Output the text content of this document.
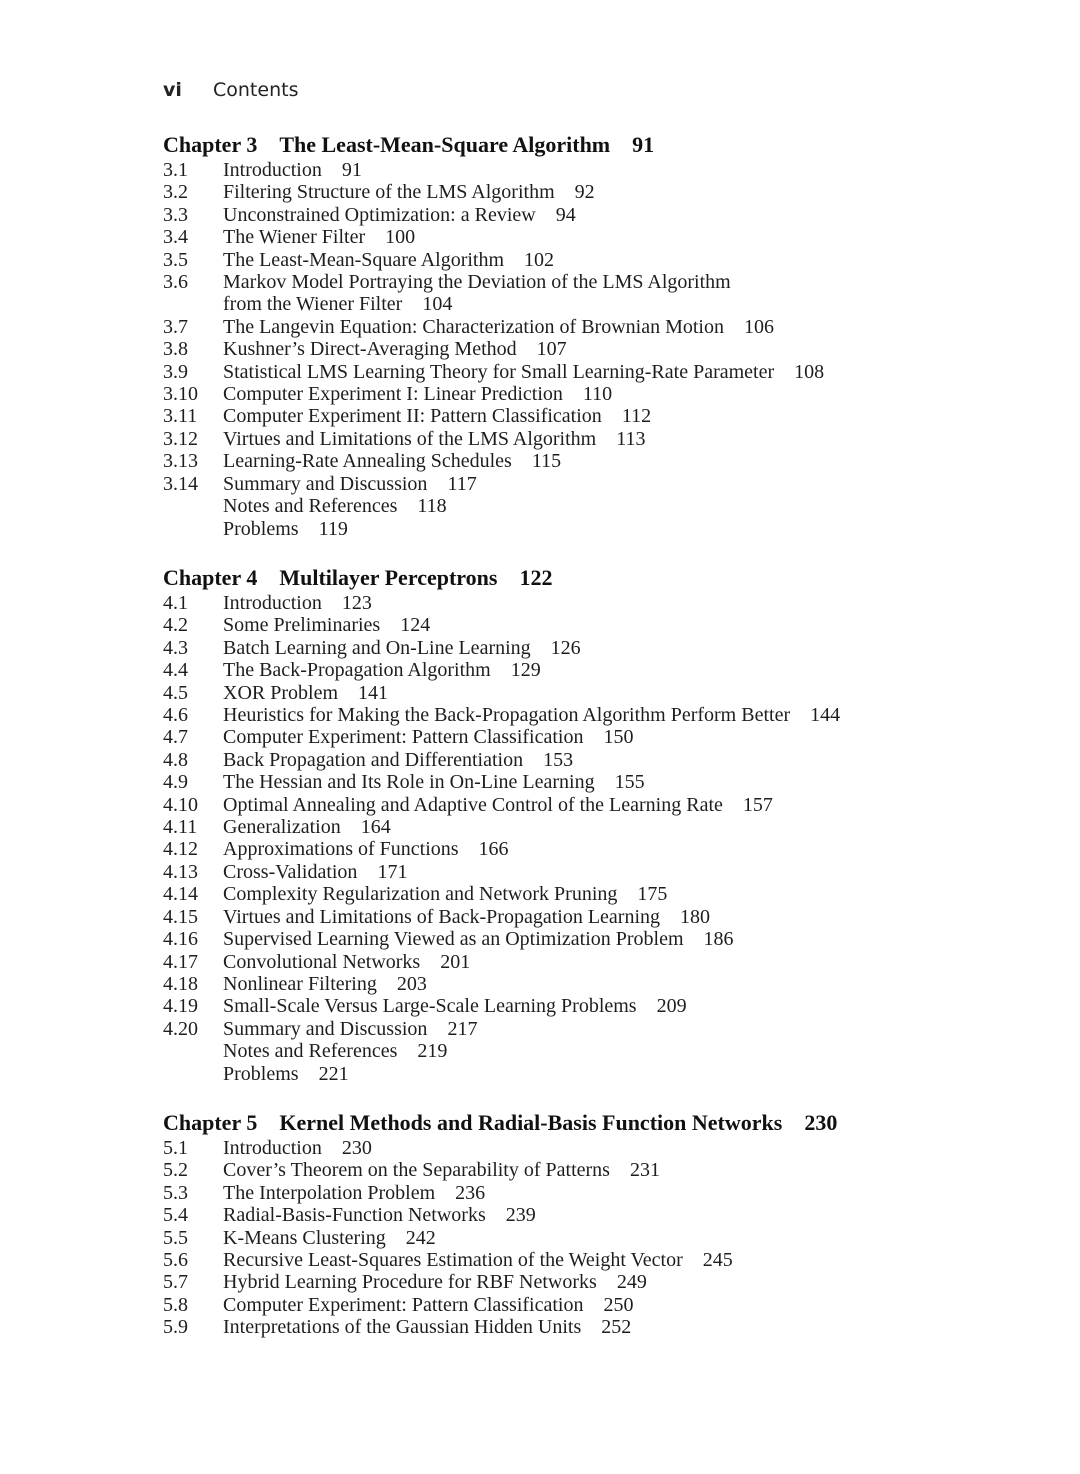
vi Contents
Chapter 3 The Least-Mean-Square Algorithm 91
3.1	Introduction 91
3.2	Filtering Structure of the LMS Algorithm 92
3.3	Unconstrained Optimization: a Review 94
3.4	The Wiener Filter 100
3.5	The Least-Mean-Square Algorithm 102
3.6	Markov Model Portraying the Deviation of the LMS Algorithm
from the Wiener Filter 104
3.7	The Langevin Equation: Characterization of Brownian Motion 106
3.8	Kushner’s Direct-Averaging Method 107
3.9	Statistical LMS Learning Theory for Small Learning-Rate Parameter 108
3.10	Computer Experiment I: Linear Prediction 110
3.11	Computer Experiment II: Pattern Classification 112
3.12	Virtues and Limitations of the LMS Algorithm 113
3.13	Learning-Rate Annealing Schedules 115
3.14	Summary and Discussion 117
Notes and References 118
Problems 119
Chapter 4 Multilayer Perceptrons 122
4.1	Introduction 123
4.2	Some Preliminaries 124
4.3	Batch Learning and On-Line Learning 126
4.4	The Back-Propagation Algorithm 129
4.5	XOR Problem 141
4.6	Heuristics for Making the Back-Propagation Algorithm Perform Better 144
4.7	Computer Experiment: Pattern Classification 150
4.8	Back Propagation and Differentiation 153
4.9	The Hessian and Its Role in On-Line Learning 155
4.10	Optimal Annealing and Adaptive Control of the Learning Rate 157
4.11	Generalization 164
4.12	Approximations of Functions 166
4.13	Cross-Validation 171
4.14	Complexity Regularization and Network Pruning 175
4.15	Virtues and Limitations of Back-Propagation Learning 180
4.16	Supervised Learning Viewed as an Optimization Problem 186
4.17	Convolutional Networks 201
4.18	Nonlinear Filtering 203
4.19	Small-Scale Versus Large-Scale Learning Problems 209
4.20	Summary and Discussion 217
Notes and References 219
Problems 221
Chapter 5 Kernel Methods and Radial-Basis Function Networks 230
5.1	Introduction 230
5.2	Cover’s Theorem on the Separability of Patterns 231
5.3	The Interpolation Problem 236
5.4	Radial-Basis-Function Networks 239
5.5	K-Means Clustering 242
5.6	Recursive Least-Squares Estimation of the Weight Vector 245
5.7	Hybrid Learning Procedure for RBF Networks 249
5.8	Computer Experiment: Pattern Classification 250
5.9	Interpretations of the Gaussian Hidden Units 252
